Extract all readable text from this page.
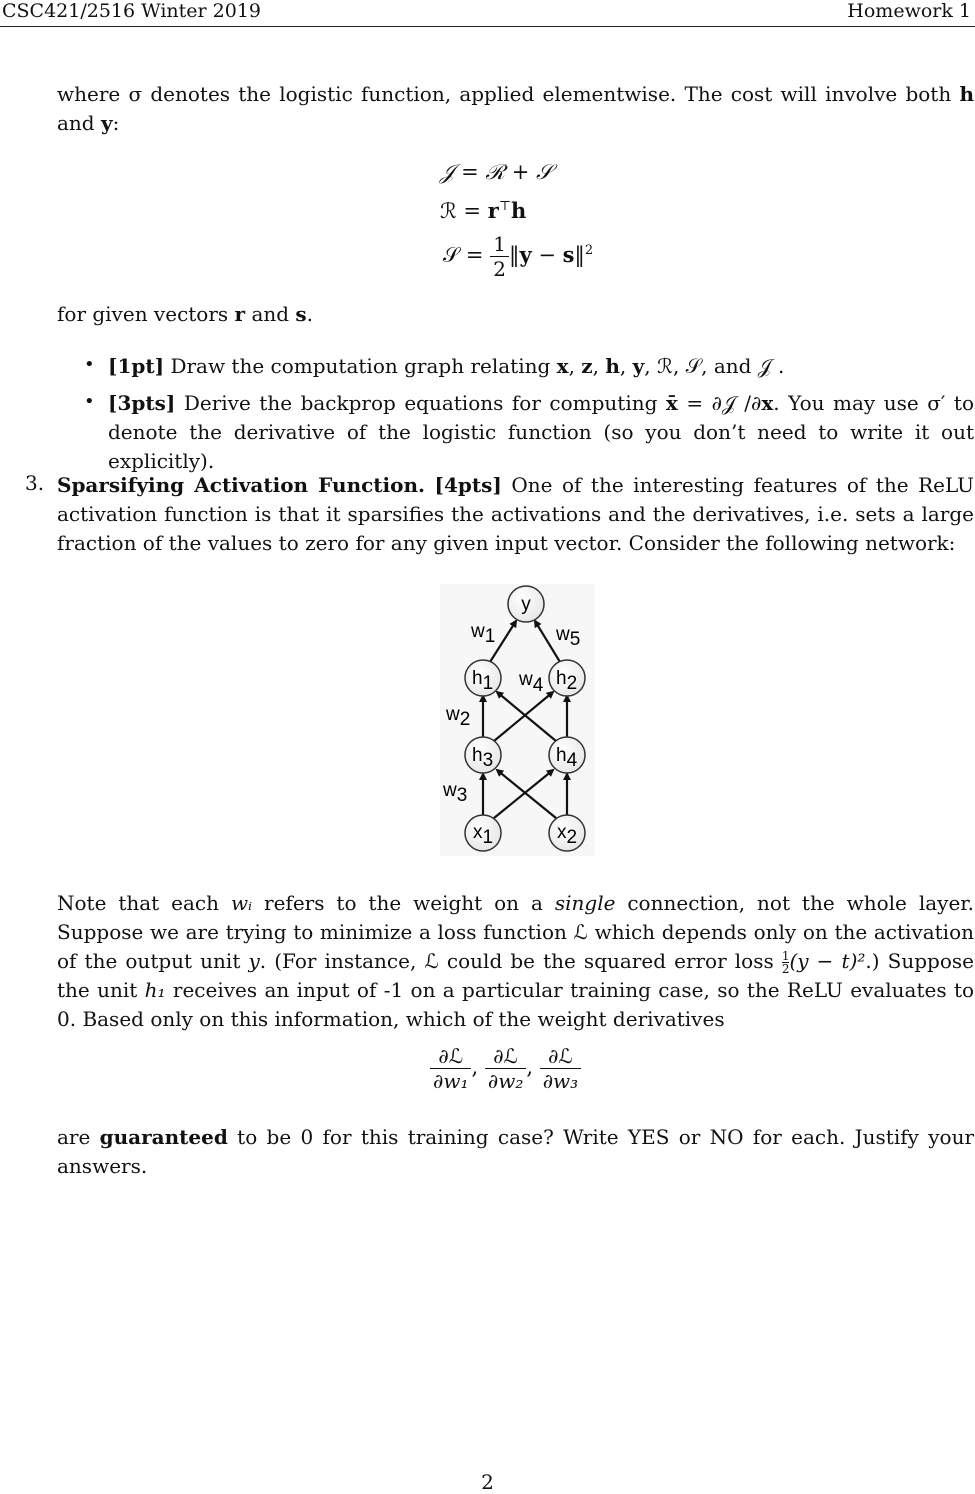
CSC421/2516 Winter 2019	Homework 1
where σ denotes the logistic function, applied elementwise. The cost will involve both h and y:
𝒥 = ℛ + 𝒮
ℛ = r⊤h
𝒮 = $\frac{1}{2}$ ‖y − s‖$^2$
for given vectors r and s.
• [1pt] Draw the computation graph relating x, z, h, y, ℛ, 𝒮, and 𝒥 .
• [3pts] Derive the backprop equations for computing x̄ = ∂𝒥 /∂x. You may use σ′ to denote the derivative of the logistic function (so you don’t need to write it out explicitly).
3. Sparsifying Activation Function. [4pts] One of the interesting features of the ReLU activation function is that it sparsifies the activations and the derivatives, i.e. sets a large fraction of the values to zero for any given input vector. Consider the following network:
y
h1	h2
h3	h4
x1	x2
w1	w5
w4
w2
w3
Note that each wᵢ refers to the weight on a single connection, not the whole layer. Suppose we are trying to minimize a loss function ℒ which depends only on the activation of the output unit y. (For instance, ℒ could be the squared error loss $\frac{1}{2}(y - t)^2$.) Suppose the unit h₁ receives an input of -1 on a particular training case, so the ReLU evaluates to 0. Based only on this information, which of the weight derivatives
$\frac{\text{∂ℒ}}{\text{∂w₁}}$ , $\frac{\text{∂ℒ}}{\text{∂w₂}}$ , $\frac{\text{∂ℒ}}{\text{∂w₃}}$
are guaranteed to be 0 for this training case? Write YES or NO for each. Justify your answers.
2
